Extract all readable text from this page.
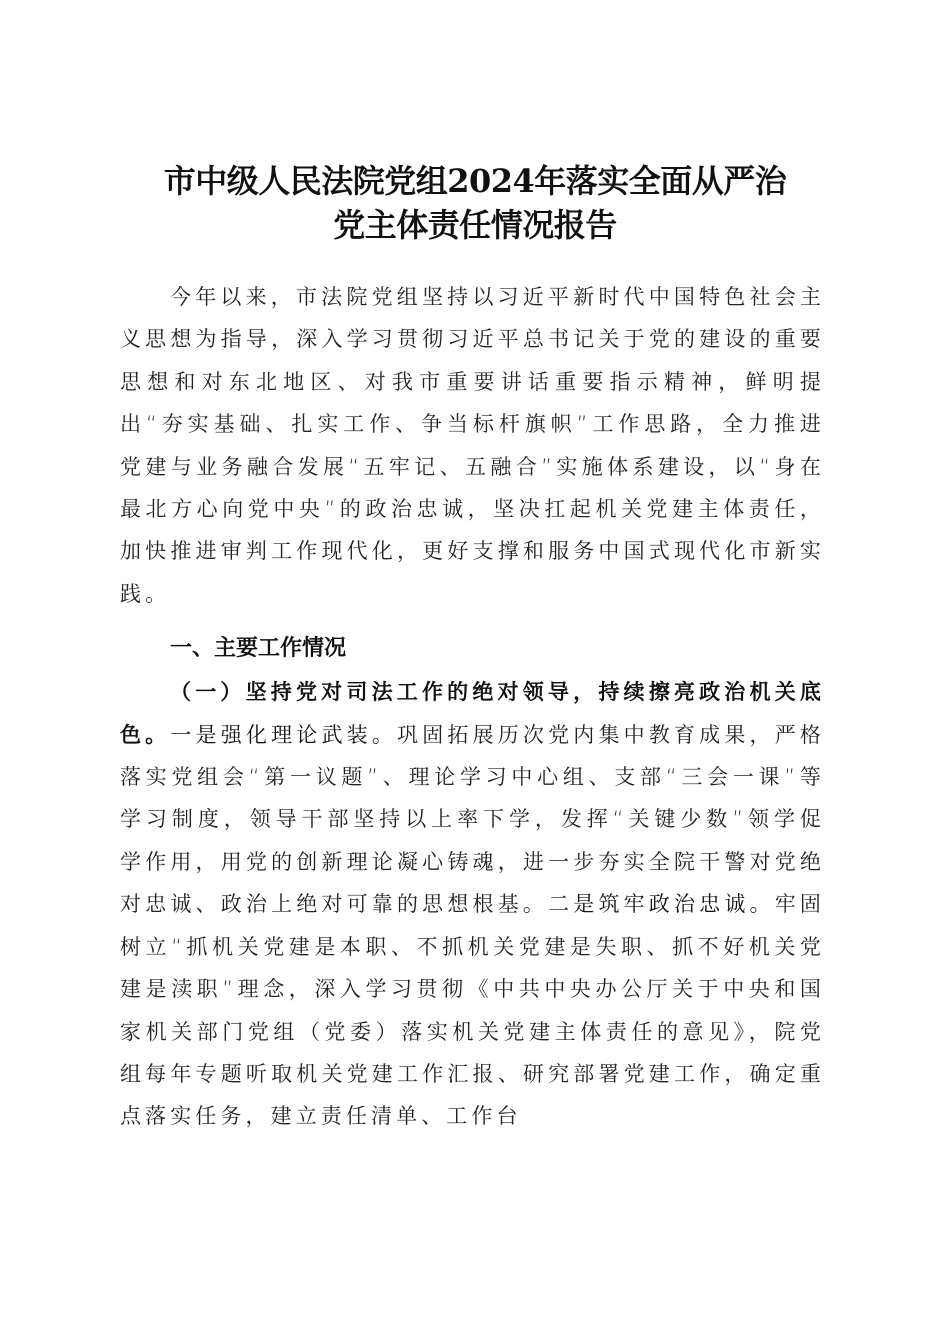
市中级人民法院党组2024年落实全面从严治
党主体责任情况报告

今年以来，市法院党组坚持以习近平新时代中国特色社会主义思想为指导，深入学习贯彻习近平总书记关于党的建设的重要思想和对东北地区、对我市重要讲话重要指示精神，鲜明提出“夯实基础、扎实工作、争当标杆旗帜”工作思路，全力推进党建与业务融合发展“五牢记、五融合”实施体系建设，以“身在最北方心向党中央”的政治忠诚，坚决扛起机关党建主体责任，加快推进审判工作现代化，更好支撑和服务中国式现代化市新实践。

一、主要工作情况

（一）坚持党对司法工作的绝对领导，持续擦亮政治机关底色。一是强化理论武装。巩固拓展历次党内集中教育成果，严格落实党组会“第一议题”、理论学习中心组、支部“三会一课”等学习制度，领导干部坚持以上率下学，发挥“关键少数”领学促学作用，用党的创新理论凝心铸魂，进一步夯实全院干警对党绝对忠诚、政治上绝对可靠的思想根基。二是筑牢政治忠诚。牢固树立“抓机关党建是本职、不抓机关党建是失职、抓不好机关党建是渎职”理念，深入学习贯彻《中共中央办公厅关于中央和国家机关部门党组（党委）落实机关党建主体责任的意见》，院党组每年专题听取机关党建工作汇报、研究部署党建工作，确定重点落实任务，建立责任清单、工作台
